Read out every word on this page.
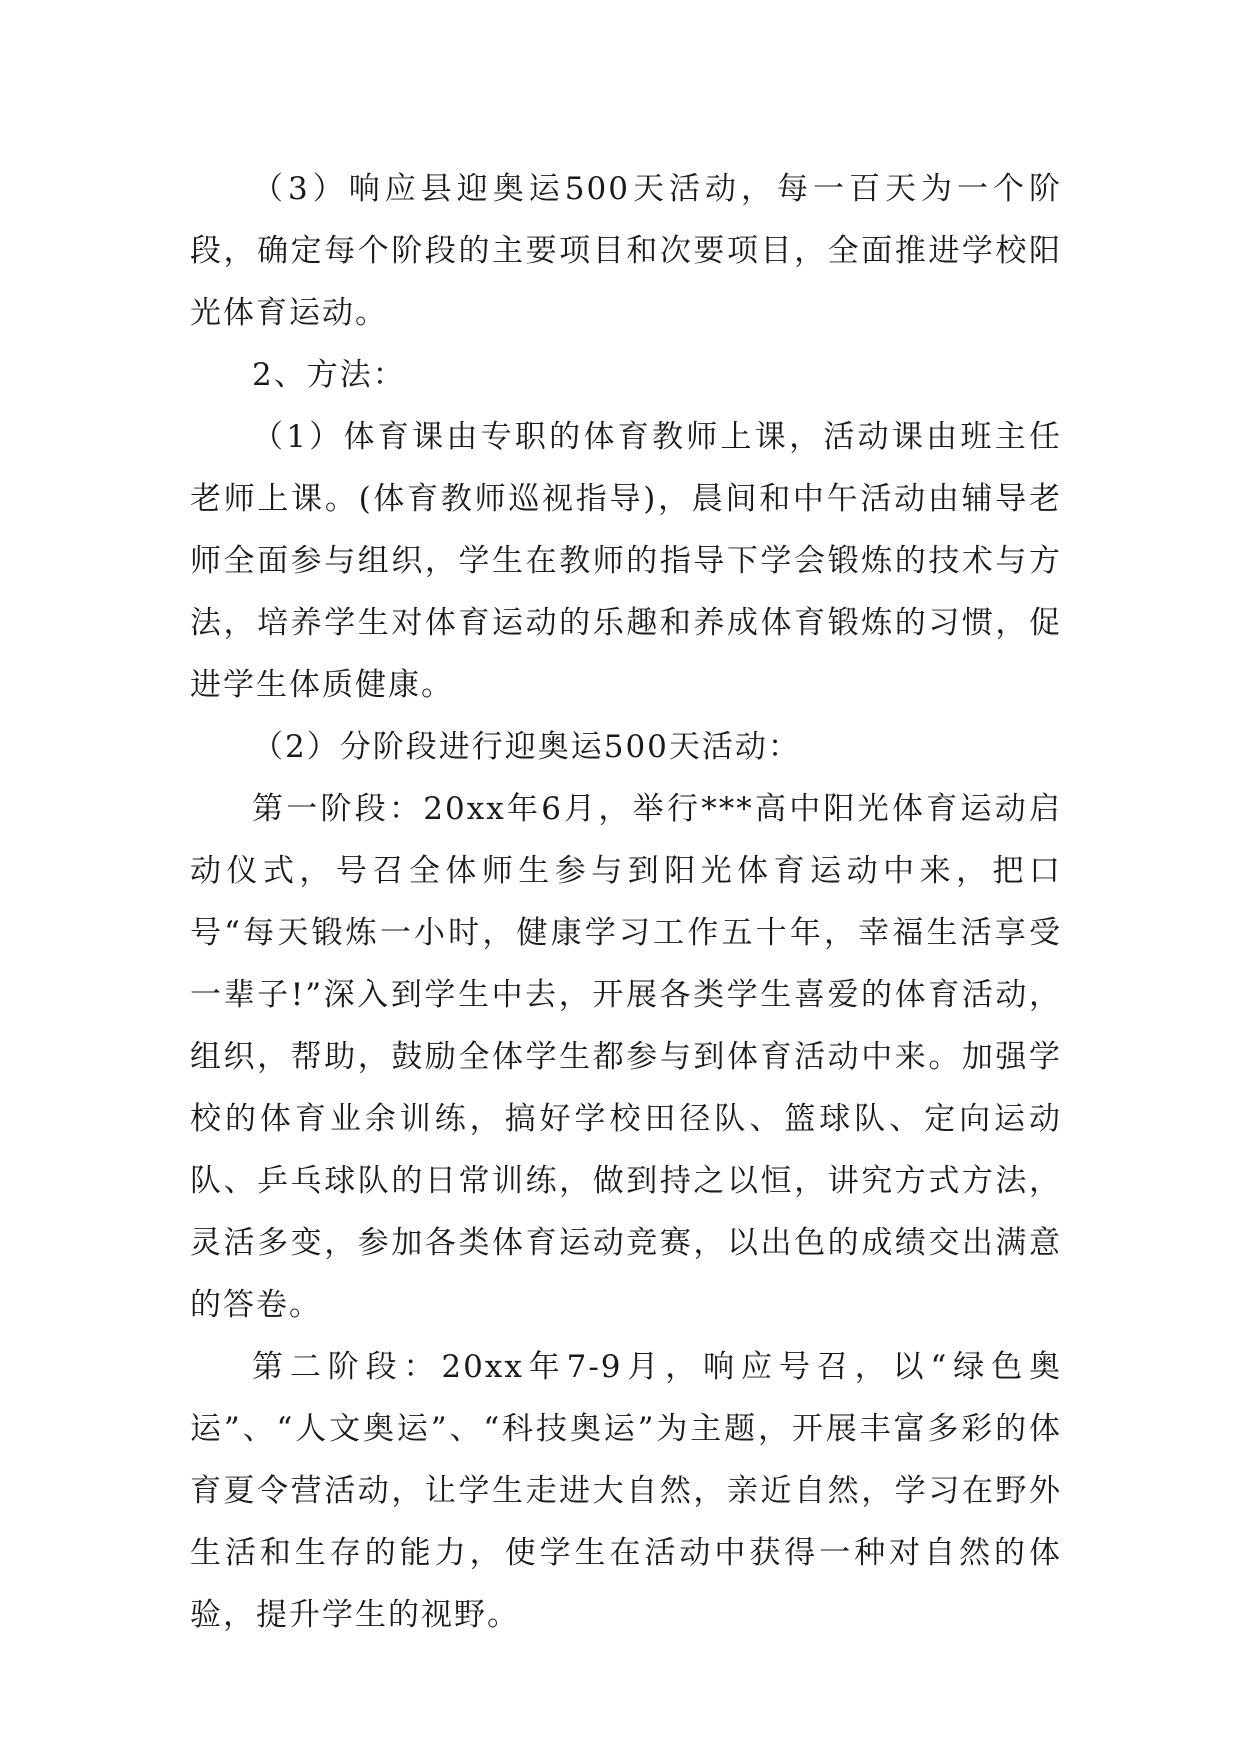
（3）响应县迎奥运500天活动，每一百天为一个阶段，确定每个阶段的主要项目和次要项目，全面推进学校阳光体育运动。

2、方法：

（1）体育课由专职的体育教师上课，活动课由班主任老师上课。(体育教师巡视指导)，晨间和中午活动由辅导老师全面参与组织，学生在教师的指导下学会锻炼的技术与方法，培养学生对体育运动的乐趣和养成体育锻炼的习惯，促进学生体质健康。

（2）分阶段进行迎奥运500天活动：

第一阶段：20xx年6月，举行***高中阳光体育运动启动仪式，号召全体师生参与到阳光体育运动中来，把口号“每天锻炼一小时，健康学习工作五十年，幸福生活享受一辈子!”深入到学生中去，开展各类学生喜爱的体育活动，组织，帮助，鼓励全体学生都参与到体育活动中来。加强学校的体育业余训练，搞好学校田径队、篮球队、定向运动队、乒乓球队的日常训练，做到持之以恒，讲究方式方法，灵活多变，参加各类体育运动竞赛，以出色的成绩交出满意的答卷。

第二阶段：20xx年7-9月，响应号召，以“绿色奥运”、“人文奥运”、“科技奥运”为主题，开展丰富多彩的体育夏令营活动，让学生走进大自然，亲近自然，学习在野外生活和生存的能力，使学生在活动中获得一种对自然的体验，提升学生的视野。
